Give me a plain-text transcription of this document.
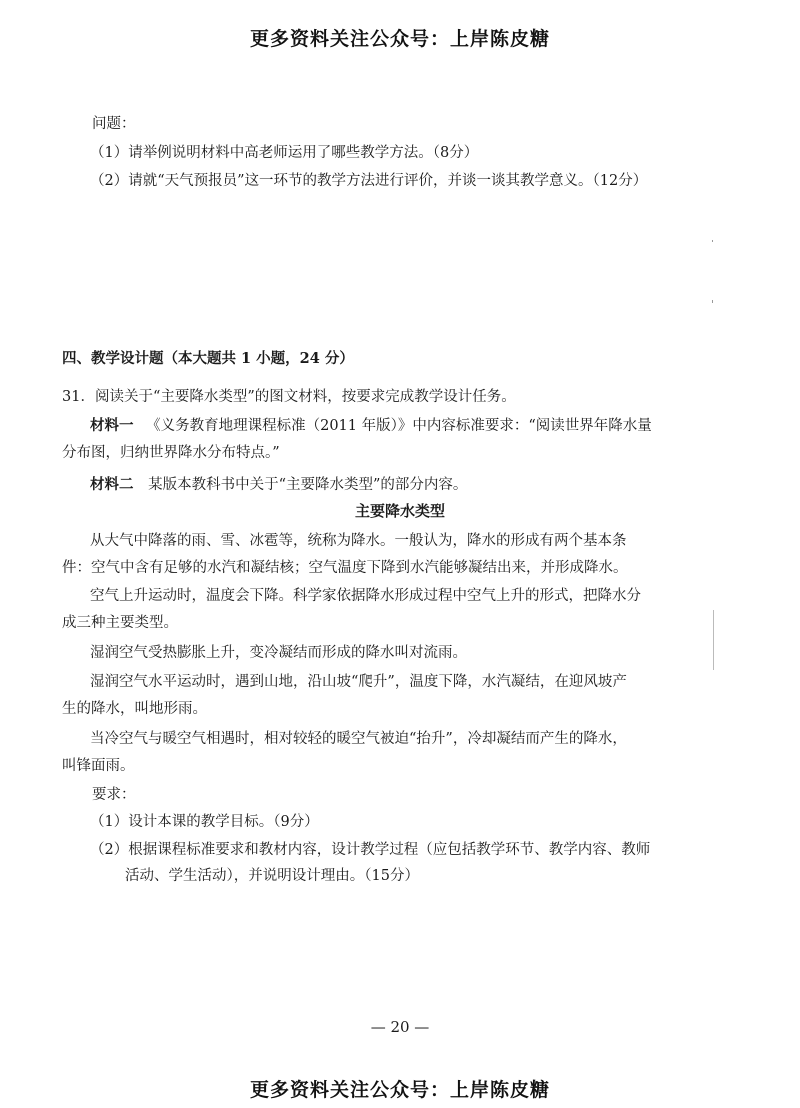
更多资料关注公众号：上岸陈皮糖
问题：
（1）请举例说明材料中高老师运用了哪些教学方法。（8分）
（2）请就“天气预报员”这一环节的教学方法进行评价，并谈一谈其教学意义。（12分）
四、教学设计题（本大题共 1 小题，24 分）
31．阅读关于“主要降水类型”的图文材料，按要求完成教学设计任务。
材料一 《义务教育地理课程标准（2011 年版）》中内容标准要求：“阅读世界年降水量
分布图，归纳世界降水分布特点。”
材料二 某版本教科书中关于“主要降水类型”的部分内容。
主要降水类型
从大气中降落的雨、雪、冰雹等，统称为降水。一般认为，降水的形成有两个基本条
件：空气中含有足够的水汽和凝结核；空气温度下降到水汽能够凝结出来，并形成降水。
空气上升运动时，温度会下降。科学家依据降水形成过程中空气上升的形式，把降水分
成三种主要类型。
湿润空气受热膨胀上升，变冷凝结而形成的降水叫对流雨。
湿润空气水平运动时，遇到山地，沿山坡“爬升”，温度下降，水汽凝结，在迎风坡产
生的降水，叫地形雨。
当冷空气与暖空气相遇时，相对较轻的暖空气被迫“抬升”，冷却凝结而产生的降水，
叫锋面雨。
要求：
（1）设计本课的教学目标。（9分）
（2）根据课程标准要求和教材内容，设计教学过程（应包括教学环节、教学内容、教师
活动、学生活动），并说明设计理由。（15分）
— 20 —
更多资料关注公众号：上岸陈皮糖
